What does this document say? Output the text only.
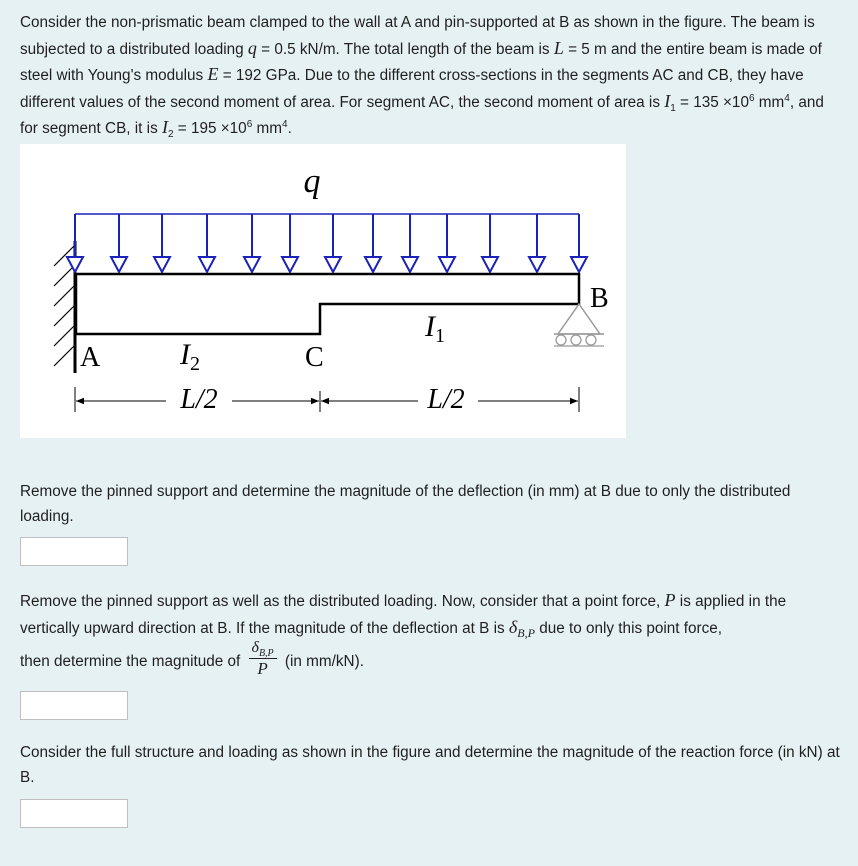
Consider the non-prismatic beam clamped to the wall at A and pin-supported at B as shown in the figure. The beam is subjected to a distributed loading q = 0.5 kN/m. The total length of the beam is L = 5 m and the entire beam is made of steel with Young's modulus E = 192 GPa. Due to the different cross-sections in the segments AC and CB, they have different values of the second moment of area. For segment AC, the second moment of area is $I_1 = 135 \times 10^6$ $mm^4$, and for segment CB, it is $I_2 = 195 \times 10^6$ $mm^4$.
q
A
B
C
$I_1$
$I_2$
L/2	L/2
Remove the pinned support and determine the magnitude of the deflection (in mm) at B due to only the distributed loading.
Remove the pinned support as well as the distributed loading. Now, consider that a point force, P is applied in the vertically upward direction at B. If the magnitude of the deflection at B is $\delta_{B,P}$ due to only this point force,
then determine the magnitude of $\frac{\delta_{B,P}}{P} (in$ mm/kN).
Consider the full structure and loading as shown in the figure and determine the magnitude of the reaction force (in kN) at B.
